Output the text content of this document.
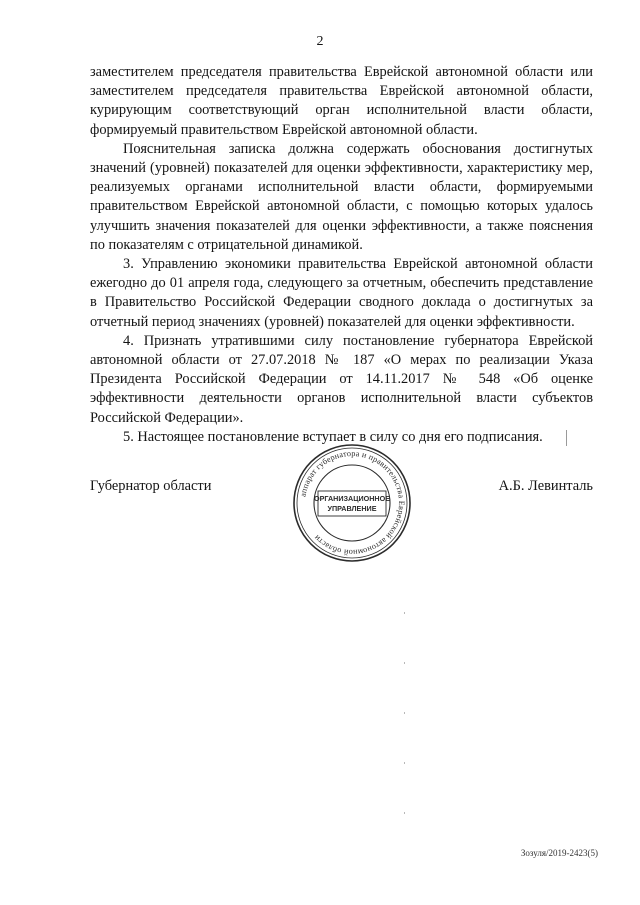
2

заместителем председателя правительства Еврейской автономной области или заместителем председателя правительства Еврейской автономной области, курирующим соответствующий орган исполнительной власти области, формируемый правительством Еврейской автономной области.

Пояснительная записка должна содержать обоснования достигнутых значений (уровней) показателей для оценки эффективности, характеристику мер, реализуемых органами исполнительной власти области, формируемыми правительством Еврейской автономной области, с помощью которых удалось улучшить значения показателей для оценки эффективности, а также пояснения по показателям с отрицательной динамикой.

3. Управлению экономики правительства Еврейской автономной области ежегодно до 01 апреля года, следующего за отчетным, обеспечить представление в Правительство Российской Федерации сводного доклада о достигнутых за отчетный период значениях (уровней) показателей для оценки эффективности.

4. Признать утратившими силу постановление губернатора Еврейской автономной области от 27.07.2018 № 187 «О мерах по реализации Указа Президента Российской Федерации от 14.11.2017 № 548 «Об оценке эффективности деятельности органов исполнительной власти субъектов Российской Федерации».

5. Настоящее постановление вступает в силу со дня его подписания.

Губернатор области	А.Б. Левинталь
аппарат губернатора и правительства Еврейской автономной области
ОРГАНИЗАЦИОННОЕ
УПРАВЛЕНИЕ
Зозуля/2019-2423(5)
